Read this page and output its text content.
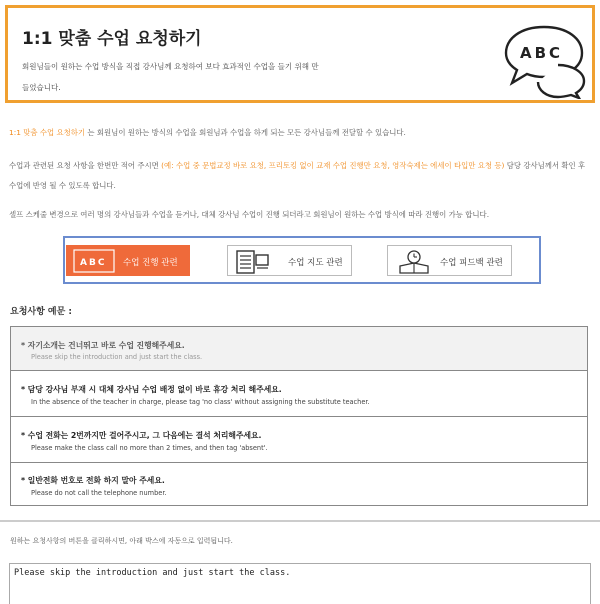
1:1 맞춤 수업 요청하기
회원님들이 원하는 수업 방식을 직접 강사님께 요청하여 보다 효과적인 수업을 들기 위해 만들었습니다.
ABC
1:1 맞춤 수업 요청하기 는 회원님이 원하는 방식의 수업을 회원님과 수업을 하게 되는 모든 강사님들께 전달할 수 있습니다.
수업과 관련된 요청 사항을 한번만 적어 주시면 (예: 수업 중 문법교정 바로 요청, 프리토킹 없이 교재 수업 진행만 요청, 영작숙제는 에세이 타입만 요청 등) 담당 강사님께서 확인 후 수업에 반영 될 수 있도록 합니다.
셀프 스케줄 변경으로 여러 명의 강사님들과 수업을 듣거나, 대체 강사님 수업이 진행 되더라고 회원님이 원하는 수업 방식에 따라 진행이 가능 합니다.
ABC 수업 진행 관련	수업 지도 관련	수업 피드백 관련
요청사항 예문 :
* 자기소개는 건너뛰고 바로 수업 진행해주세요.
Please skip the introduction and just start the class.
* 담당 강사님 부재 시 대체 강사님 수업 배정 없이 바로 휴강 처리 해주세요.
In the absence of the teacher in charge, please tag 'no class' without assigning the substitute teacher.
* 수업 전화는 2번까지만 걸어주시고, 그 다음에는 결석 처리해주세요.
Please make the class call no more than 2 times, and then tag 'absent'.
* 일반전화 번호로 전화 하지 말아 주세요.
Please do not call the telephone number.
원하는 요청사항의 버튼을 클릭하시면, 아래 박스에 자동으로 입력됩니다.
Please skip the introduction and just start the class.
